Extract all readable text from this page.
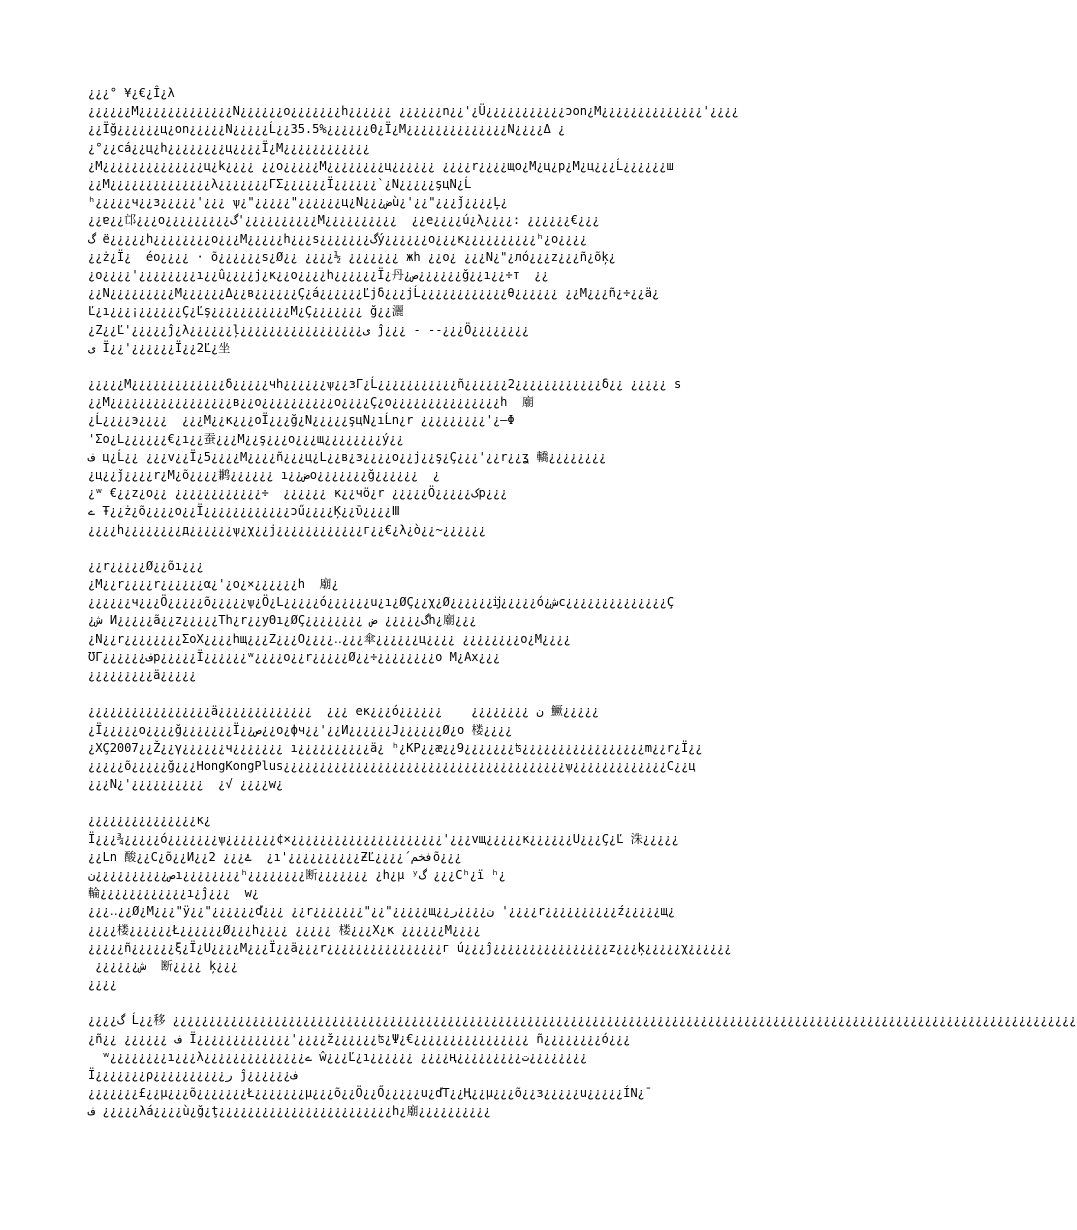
¿¿¿° ¥¿€¿Î¿λ
¿¿¿¿¿¿M¿¿¿¿¿¿¿¿¿¿¿¿¿N¿¿¿¿¿¿o¿¿¿¿¿¿¿h¿¿¿¿¿¿ ¿¿¿¿¿¿n¿¿'¿Ü¿¿¿¿¿¿¿¿¿¿¿ɔon¿M¿¿¿¿¿¿¿¿¿¿¿¿¿¿'¿¿¿¿
¿¿Ïğ¿¿¿¿¿¿ц¿on¿¿¿¿¿N¿¿¿¿¿Ĺ¿¿35.5%¿¿¿¿¿¿Θ¿Ï¿M¿¿¿¿¿¿¿¿¿¿¿¿¿¿N¿¿¿¿Δ ¿
¿°¿¿cá¿¿ц¿h¿¿¿¿¿¿¿¿ц¿¿¿¿Ï¿M¿¿¿¿¿¿¿¿¿¿¿¿
¿M¿¿¿¿¿¿¿¿¿¿¿¿¿¿ц¿k¿¿¿¿ ¿¿o¿¿¿¿¿M¿¿¿¿¿¿¿¿ц¿¿¿¿¿¿ ¿¿¿¿r¿¿¿¿щo¿M¿ц¿p¿M¿ц¿¿¿Ĺ¿¿¿¿¿¿ш
¿¿M¿¿¿¿¿¿¿¿¿¿¿¿¿¿λ¿¿¿¿¿¿¿ΓΣ¿¿¿¿¿¿Ï¿¿¿¿¿¿`¿N¿¿¿¿¿şцN¿Ĺ
ʰ¿¿¿¿¿ч¿¿з¿¿¿¿¿'¿¿¿ ѱ¿"¿¿¿¿¿"¿¿¿¿¿¿ц¿N¿¿¿ضù¿'¿¿"¿¿¿ǰ¿¿¿¿Ļ¿
¿¿ɐ¿¿邙¿¿¿o¿¿¿¿¿¿¿¿¿گ'¿¿¿¿¿¿¿¿¿¿M¿¿¿¿¿¿¿¿¿¿  ¿¿e¿¿¿¿ú¿λ¿¿¿¿: ¿¿¿¿¿¿€¿¿¿
گ ё¿¿¿¿¿h¿¿¿¿¿¿¿¿o¿¿¿M¿¿¿¿¿h¿¿¿s¿¿¿¿¿¿¿گý¿¿¿¿¿¿o¿¿¿κ¿¿¿¿¿¿¿¿¿¿ʰ¿o¿¿¿¿
¿¿ż¿Ï¿  éo¿¿¿¿ · õ¿¿¿¿¿¿s¿Ø¿¿ ¿¿¿¿½ ¿¿¿¿¿¿¿ жh ¿¿o¿ ¿¿¿N¿"¿лó¿¿¿z¿¿¿ñ¿õķ¿
¿o¿¿¿¿'¿¿¿¿¿¿¿¿ı¿¿û¿¿¿¿ј¿ĸ¿¿o¿¿¿¿h¿¿¿¿¿¿Ï¿丹¿ص¿¿¿¿¿¿ğ¿¿ı¿¿÷т  ¿¿
¿¿N¿¿¿¿¿¿¿¿¿M¿¿¿¿¿¿Δ¿¿в¿¿¿¿¿¿Ç¿á¿¿¿¿¿¿Ľјδ¿¿¿јĹ¿¿¿¿¿¿¿¿¿¿¿¿θ¿¿¿¿¿¿ ¿¿M¿¿¿ñ¿÷¿¿ä¿
Ľ¿ı¿¿¿¡¿¿¿¿¿¿Ç¿Ľş¿¿¿¿¿¿¿¿¿¿¿M¿Ç¿¿¿¿¿¿¿ ğ¿¿灑
¿Z¿¿Ľ'¿¿¿¿¿ĵ¿λ¿¿¿¿¿¿ļ¿¿¿¿¿¿¿¿¿¿¿¿¿¿¿¿¿ی ĵ¿¿¿ - --¿¿¿Ö¿¿¿¿¿¿¿¿
ی Ï¿¿'¿¿¿¿¿¿Ï¿¿2Ľ¿坐
¿¿¿¿¿M¿¿¿¿¿¿¿¿¿¿¿¿¿δ¿¿¿¿¿чh¿¿¿¿¿¿ѱ¿¿зΓ¿Ĺ¿¿¿¿¿¿¿¿¿¿¿ñ¿¿¿¿¿¿2¿¿¿¿¿¿¿¿¿¿¿¿δ¿¿ ¿¿¿¿¿ ѕ
¿¿M¿¿¿¿¿¿¿¿¿¿¿¿¿¿¿¿¿в¿¿o¿¿¿¿¿¿¿¿¿¿o¿¿¿¿Ç¿o¿¿¿¿¿¿¿¿¿¿¿¿¿¿¿h  廟
¿Ĺ¿¿¿¿э¿¿¿¿  ¿¿¿M¿¿к¿¿¿oÏ¿¿¿ğ¿N¿¿¿¿¿şцN¿ıĹn¿r ¿¿¿¿¿¿¿¿¿'¿—Φ
'Σo¿L¿¿¿¿¿¿€¿ı¿¿蚕¿¿¿M¿¿ş¿¿¿o¿¿¿щ¿¿¿¿¿¿¿¿ý¿¿
ف ц¿Ĺ¿¿ ¿¿¿v¿¿Ï¿5¿¿¿¿M¿¿¿¿ñ¿¿¿ц¿L¿¿в¿з¿¿¿¿o¿¿ј¿¿ş¿Ç¿¿¿'¿¿r¿¿ʓ 轎¿¿¿¿¿¿¿¿
¿ц¿¿ǰ¿¿¿¿r¿M¿õ¿¿¿¿鹣¿¿¿¿¿¿ ı¿¿ضo¿¿¿¿¿¿¿ğ¿¿¿¿¿¿  ¿
¿ʷ €¿¿z¿o¿¿ ¿¿¿¿¿¿¿¿¿¿¿¿÷  ¿¿¿¿¿¿ к¿¿чö¿r ¿¿¿¿¿Ö¿¿¿¿¿کp¿¿¿
ے Ŧ¿¿ż¿õ¿¿¿¿o¿¿Ï¿¿¿¿¿¿¿¿¿¿¿¿ɔű¿¿¿¿Ķ¿¿ῡ¿¿¿¿Ⅲ
¿¿¿¿h¿¿¿¿¿¿¿¿д¿¿¿¿¿¿ѱ¿χ¿¿ј¿¿¿¿¿¿¿¿¿¿¿¿г¿¿€¿λ¿ò¿¿~¿¿¿¿¿¿
¿¿r¿¿¿¿¿Ø¿¿õı¿¿¿
¿M¿¿r¿¿¿¿r¿¿¿¿¿¿α¿'¿o¿×¿¿¿¿¿¿h  廟¿
¿¿¿¿¿¿ч¿¿¿Ö¿¿¿¿¿õ¿¿¿¿¿ѱ¿Ö¿L¿¿¿¿¿ó¿¿¿¿¿¿u¿ı¿ØÇ¿¿χ¿Ø¿¿¿¿¿¿ĳ¿¿¿¿¿ó¿شc¿¿¿¿¿¿¿¿¿¿¿¿¿¿Ç
¿ش И¿¿¿¿¿ã¿¿z¿¿¿¿¿Тh¿r¿¿уΘı¿ØÇ¿¿¿¿¿¿¿¿ گ¿¿¿¿¿ ضh¿廟¿¿¿
¿N¿¿r¿¿¿¿¿¿¿¿ΣoΧ¿¿¿¿hщ¿¿¿Z¿¿¿O¿¿¿¿‥¿¿¿傘¿¿¿¿¿¿ц¿¿¿¿ ¿¿¿¿¿¿¿¿o¿M¿¿¿¿
ƱΓ¿¿¿¿¿¿فp¿¿¿¿¿Ï¿¿¿¿¿¿ʷ¿¿¿¿o¿¿r¿¿¿¿¿Ø¿¿÷¿¿¿¿¿¿¿¿o M¿Ах¿¿¿
¿¿¿¿¿¿¿¿¿ä¿¿¿¿¿
¿¿¿¿¿¿¿¿¿¿¿¿¿¿¿¿¿ä¿¿¿¿¿¿¿¿¿¿¿¿¿  ¿¿¿ eк¿¿¿ó¿¿¿¿¿¿    ¿¿¿¿¿¿¿¿ ن 鱖¿¿¿¿¿
¿Ï¿¿¿¿¿o¿¿¿¿ğ¿¿¿¿¿¿¿Ï¿¿ص¿¿o¿фч¿¿'¿¿И¿¿¿¿¿¿J¿¿¿¿¿¿Ø¿o 楼¿¿¿¿
¿ΧÇ2007¿¿Ž¿¿γ¿¿¿¿¿¿ч¿¿¿¿¿¿¿ ı¿¿¿¿¿¿¿¿¿¿ä¿ ʰ¿KР¿¿æ¿¿9¿¿¿¿¿¿¿ʦ¿¿¿¿¿¿¿¿¿¿¿¿¿¿¿¿¿m¿¿r¿Ï¿¿
¿¿¿¿¿õ¿¿¿¿¿ğ¿¿¿HongKongPlus¿¿¿¿¿¿¿¿¿¿¿¿¿¿¿¿¿¿¿¿¿¿¿¿¿¿¿¿¿¿¿¿¿¿¿¿¿¿¿ѱ¿¿¿¿¿¿¿¿¿¿¿¿¿C¿¿ц
¿¿¿N¿'¿¿¿¿¿¿¿¿¿¿  ¿√ ¿¿¿¿w¿
¿¿¿¿¿¿¿¿¿¿¿¿¿¿¿κ¿
Ï¿¿¿¾¿¿¿¿¿ó¿¿¿¿¿¿¿ѱ¿¿¿¿¿¿¿¢×¿¿¿¿¿¿¿¿¿¿¿¿¿¿¿¿¿¿¿¿¿'¿¿¿vщ¿¿¿¿¿κ¿¿¿¿¿¿U¿¿¿Ç¿Ľ 洙¿¿¿¿¿
¿¿Ln 酸¿¿C¿õ¿¿И¿¿2 ¿¿¿ۓ  ¿ı'¿¿¿¿¿¿¿¿¿¿ƵĽ¿¿¿¿´فخمõ¿¿¿
ص¿¿¿¿¿¿¿¿¿¿نı¿¿¿¿¿¿¿¿ʰ¿¿¿¿¿¿¿¿断¿¿¿¿¿¿¿ ¿h¿μ ʸگ ¿¿¿Cʰ¿ï ʰ¿
輪¿¿¿¿¿¿¿¿¿¿¿¿ı¿ĵ¿¿¿  w¿
¿¿¿‥¿¿Ø¿M¿¿¿"ÿ¿¿"¿¿¿¿¿¿ď¿¿¿ ¿¿r¿¿¿¿¿¿¿"¿¿"¿¿¿¿¿щ¿¿ن¿¿¿¿ر '¿¿¿¿r¿¿¿¿¿¿¿¿¿¿ź¿¿¿¿¿щ¿
¿¿¿¿楼¿¿¿¿¿¿Ł¿¿¿¿¿¿Ø¿¿¿h¿¿¿¿ ¿¿¿¿¿ 楼¿¿¿Χ¿к ¿¿¿¿¿¿M¿¿¿¿
¿¿¿¿¿ñ¿¿¿¿¿¿ξ¿Ï¿U¿¿¿¿M¿¿¿Ï¿¿ä¿¿¿r¿¿¿¿¿¿¿¿¿¿¿¿¿¿¿¿г ú¿¿¿ĵ¿¿¿¿¿¿¿¿¿¿¿¿¿¿¿¿z¿¿¿ķ¿¿¿¿¿χ¿¿¿¿¿¿
¿¿¿¿¿¿ش  断¿¿¿¿ ķ¿¿¿
¿¿¿¿
¿¿¿¿گ Ĺ¿¿移 ¿¿¿¿¿¿¿¿¿¿¿¿¿¿¿¿¿¿¿¿¿¿¿¿¿¿¿¿¿¿¿¿¿¿¿¿¿¿¿¿¿¿¿¿¿¿¿¿¿¿¿¿¿¿¿¿¿¿¿¿¿¿¿¿¿¿¿¿¿¿¿¿¿¿¿¿¿¿¿¿¿¿¿¿¿¿¿¿¿¿¿¿¿¿¿¿¿¿¿¿¿¿¿¿¿¿¿¿¿¿¿¿¿¿¿¿¿¿¿¿¿¿¿¿¿
¿ñ¿¿ ¿¿¿¿¿¿ ف Ï¿¿¿¿¿¿¿¿¿¿¿¿¿'¿¿¿¿ž¿¿¿¿¿¿ʦ¿Ψ¿€¿¿¿¿¿¿¿¿¿¿¿¿¿¿¿¿ ñ¿¿¿¿¿¿¿¿ó¿¿¿
ʷ¿¿¿¿¿¿¿¿ı¿¿¿λ¿¿¿¿¿¿¿¿¿¿¿¿¿¿ے ŵ¿¿¿Ľ¿ı¿¿¿¿¿¿ ¿¿¿¿ң¿¿¿¿¿¿¿¿¿ت¿¿¿¿¿¿¿¿
Ï¿¿¿¿¿¿¿ρ¿¿¿¿¿¿¿¿¿¿ر ĵ¿¿¿¿¿¿ف
¿¿¿¿¿¿¿£¿¿μ¿¿¿õ¿¿¿¿¿¿¿Ł¿¿¿¿¿¿¿μ¿¿¿õ¿¿Ö¿¿Ő¿¿¿¿¿u¿ďТ¿¿Ң¿¿μ¿¿¿õ¿¿з¿¿¿¿¿u¿¿¿¿¿ÍN¿¯
ف ¿¿¿¿¿λá¿¿¿¿ù¿ğ¿ţ¿¿¿¿¿¿¿¿¿¿¿¿¿¿¿¿¿¿¿¿¿¿¿¿h¿廟¿¿¿¿¿¿¿¿¿¿
